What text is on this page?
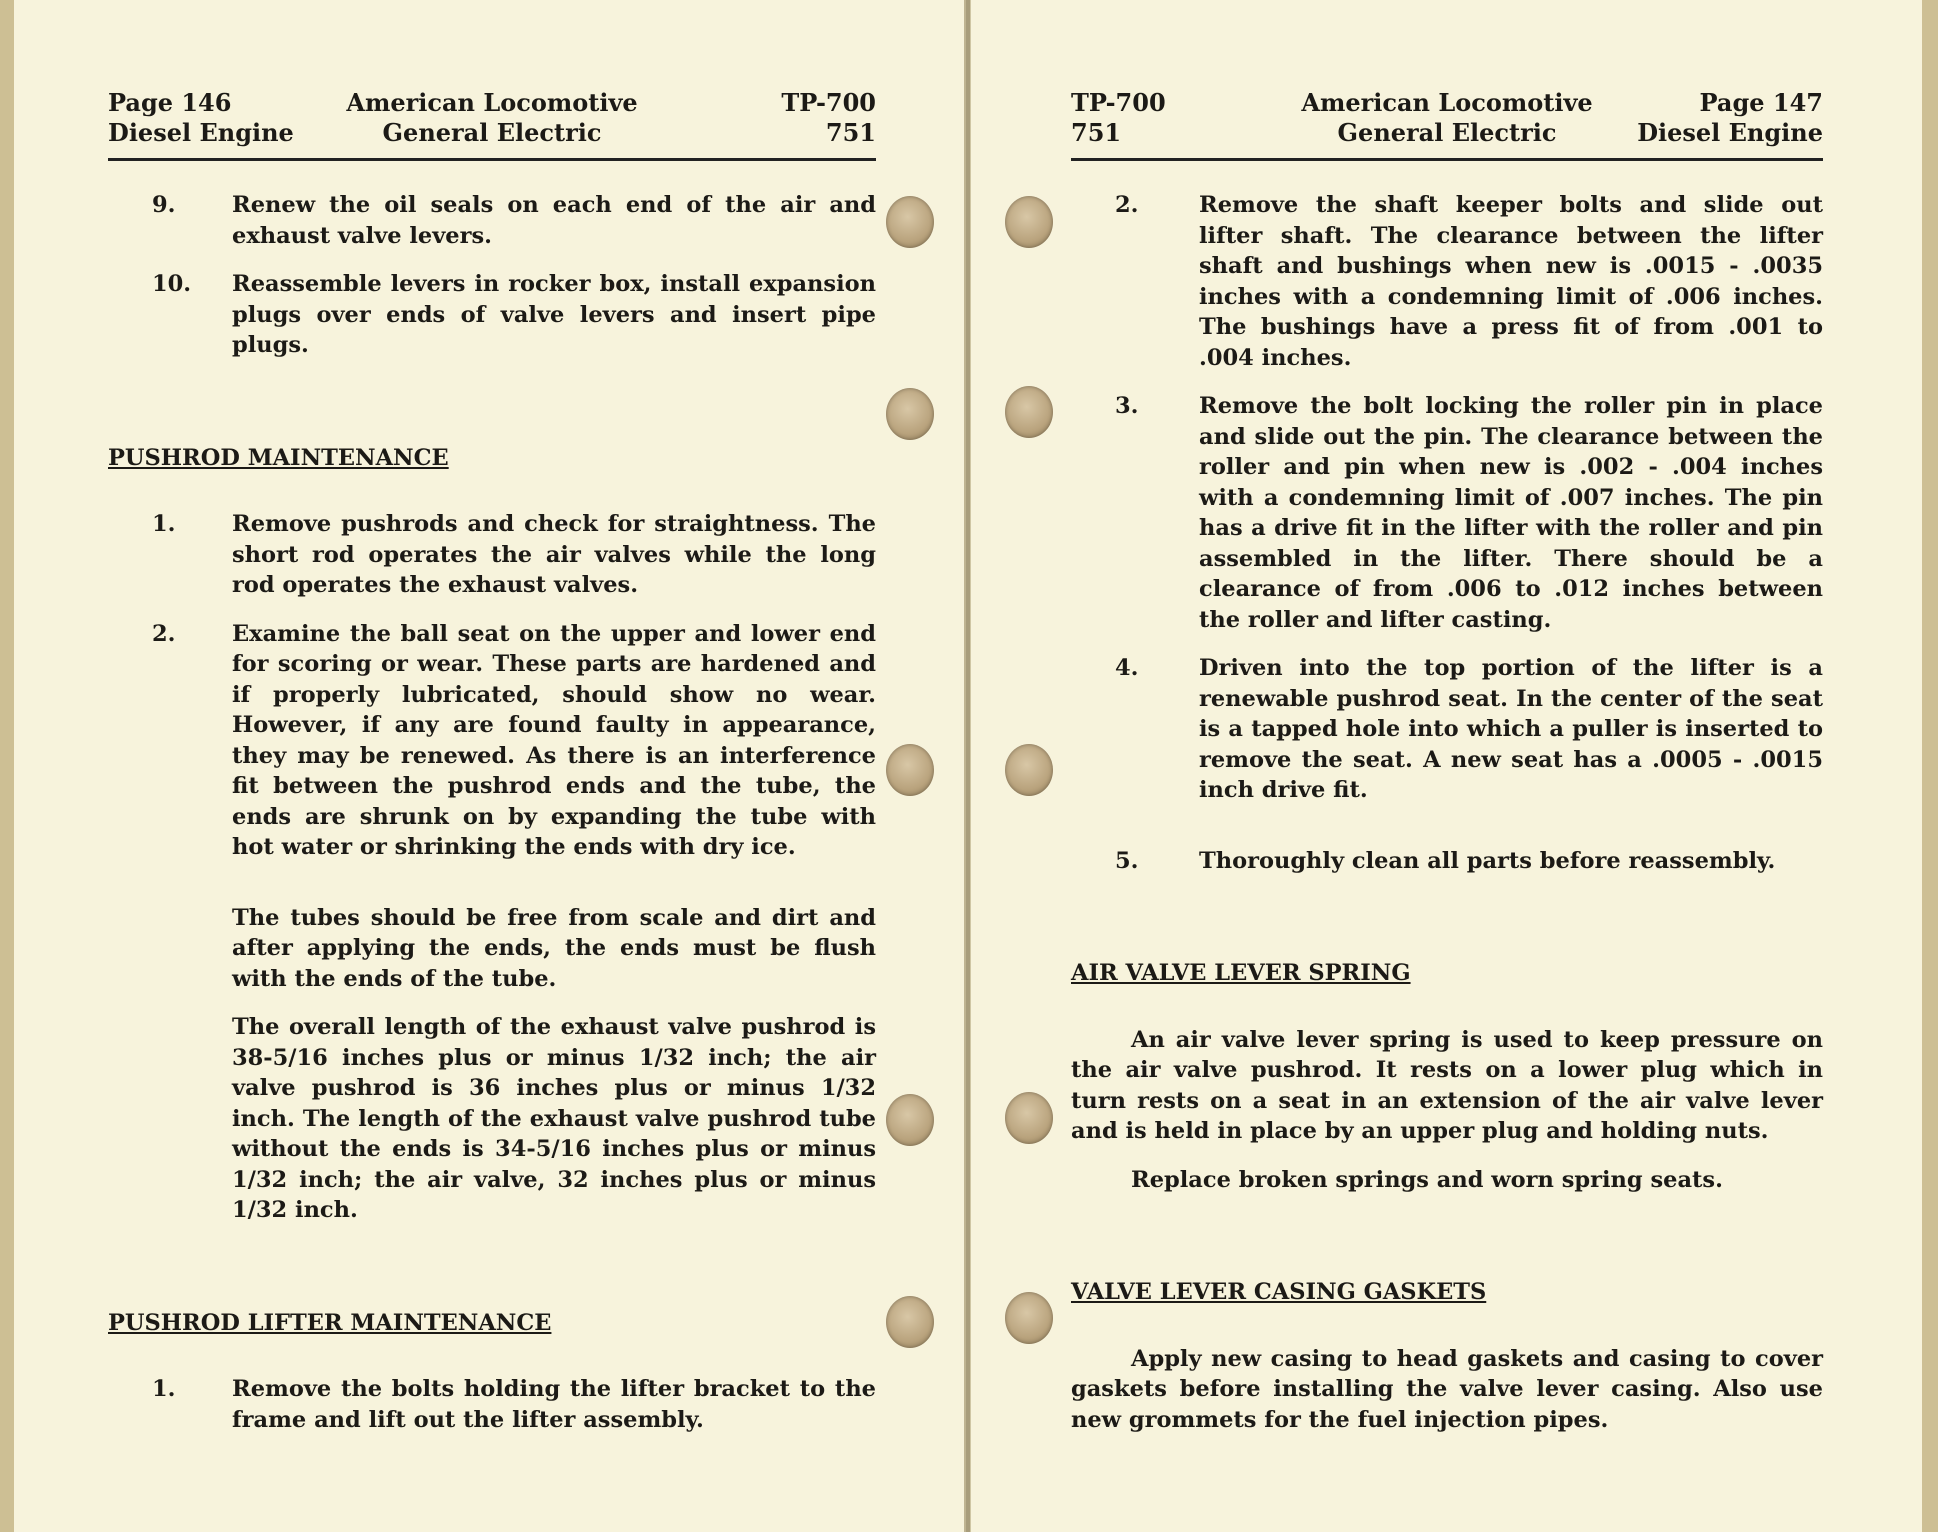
Page 146
Diesel Engine
American Locomotive
General Electric
TP-700
751
9.	Renew the oil seals on each end of the air and exhaust valve levers.
10.	Reassemble levers in rocker box, install expansion plugs over ends of valve levers and insert pipe plugs.
PUSHROD MAINTENANCE
1.	Remove pushrods and check for straightness. The short rod operates the air valves while the long rod operates the exhaust valves.
2.	Examine the ball seat on the upper and lower end for scoring or wear. These parts are hardened and if properly lubricated, should show no wear. However, if any are found faulty in appearance, they may be renewed. As there is an interference fit between the pushrod ends and the tube, the ends are shrunk on by expanding the tube with hot water or shrinking the ends with dry ice.
The tubes should be free from scale and dirt and after applying the ends, the ends must be flush with the ends of the tube.
The overall length of the exhaust valve pushrod is 38-5/16 inches plus or minus 1/32 inch; the air valve pushrod is 36 inches plus or minus 1/32 inch. The length of the exhaust valve pushrod tube without the ends is 34-5/16 inches plus or minus 1/32 inch; the air valve, 32 inches plus or minus 1/32 inch.
PUSHROD LIFTER MAINTENANCE
1.	Remove the bolts holding the lifter bracket to the frame and lift out the lifter assembly.
TP-700
751
American Locomotive
General Electric
Page 147
Diesel Engine
2.	Remove the shaft keeper bolts and slide out lifter shaft. The clearance between the lifter shaft and bushings when new is .0015 - .0035 inches with a condemning limit of .006 inches. The bushings have a press fit of from .001 to .004 inches.
3.	Remove the bolt locking the roller pin in place and slide out the pin. The clearance between the roller and pin when new is .002 - .004 inches with a condemning limit of .007 inches. The pin has a drive fit in the lifter with the roller and pin assembled in the lifter. There should be a clearance of from .006 to .012 inches between the roller and lifter casting.
4.	Driven into the top portion of the lifter is a renewable pushrod seat. In the center of the seat is a tapped hole into which a puller is inserted to remove the seat. A new seat has a .0005 - .0015 inch drive fit.
5.	Thoroughly clean all parts before reassembly.
AIR VALVE LEVER SPRING
An air valve lever spring is used to keep pressure on the air valve pushrod. It rests on a lower plug which in turn rests on a seat in an extension of the air valve lever and is held in place by an upper plug and holding nuts.
Replace broken springs and worn spring seats.
VALVE LEVER CASING GASKETS
Apply new casing to head gaskets and casing to cover gaskets before installing the valve lever casing. Also use new grommets for the fuel injection pipes.
